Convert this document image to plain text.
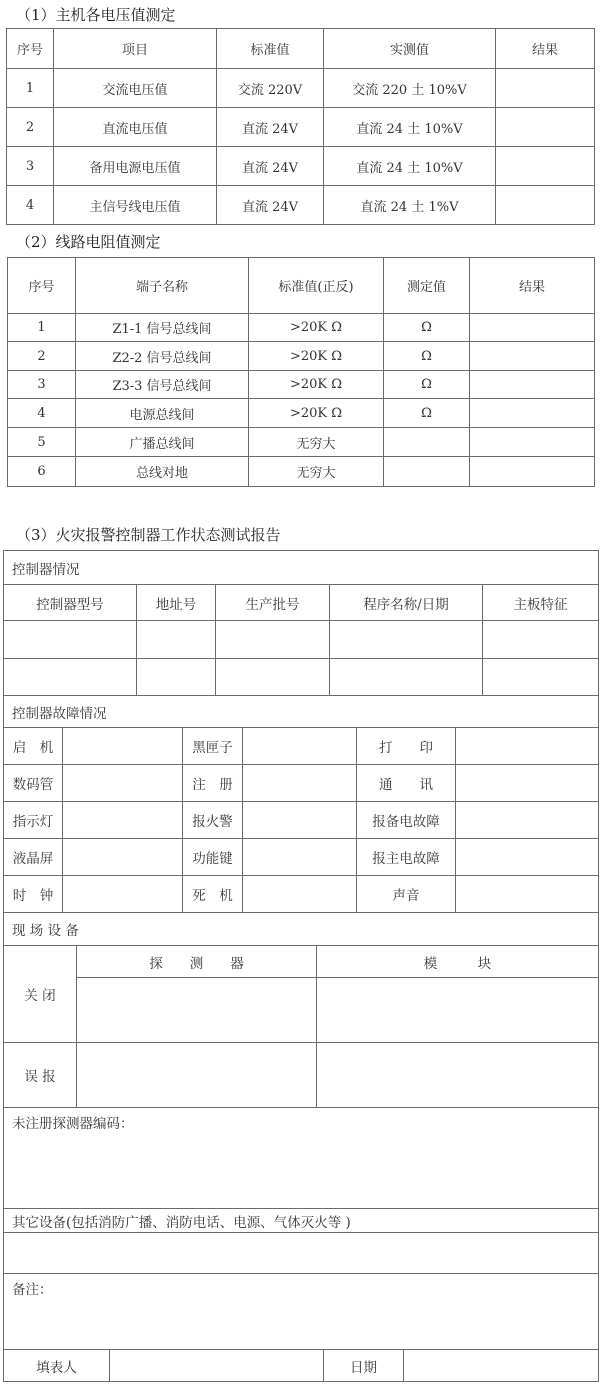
（1）主机各电压值测定
序号	项目	标准值	实测值	结果
1	交流电压值	交流 220V	交流 220 土 10%V	
2	直流电压值	直流 24V	直流 24 土 10%V	
3	备用电源电压值	直流 24V	直流 24 土 10%V	
4	主信号线电压值	直流 24V	直流 24 土 1%V	
（2）线路电阻值测定
序号	端子名称	标准值(正反)	测定值	结果
1	Z1-1 信号总线间	>20K Ω	Ω	
2	Z2-2 信号总线间	>20K Ω	Ω	
3	Z3-3 信号总线间	>20K Ω	Ω	
4	电源总线间	>20K Ω	Ω	
5	广播总线间	无穷大		
6	总线对地	无穷大		
（3）火灾报警控制器工作状态测试报告
控制器情况				
控制器型号	地址号	生产批号	程序名称/日期	主板特征

控制器故障情况					
启　机		黑匣子		打　　印	
数码管		注　册		通　　讯	
指示灯		报火警		报备电故障	
液晶屏		功能键		报主电故障	
时　钟		死　机		声音	
现 场 设 备		
关 闭	探　　测　　器	模　　　块

误 报		
未注册探测器编码：
其它设备(包括消防广播、消防电话、电源、气体灭火等 )

备注：
填表人		日期	
